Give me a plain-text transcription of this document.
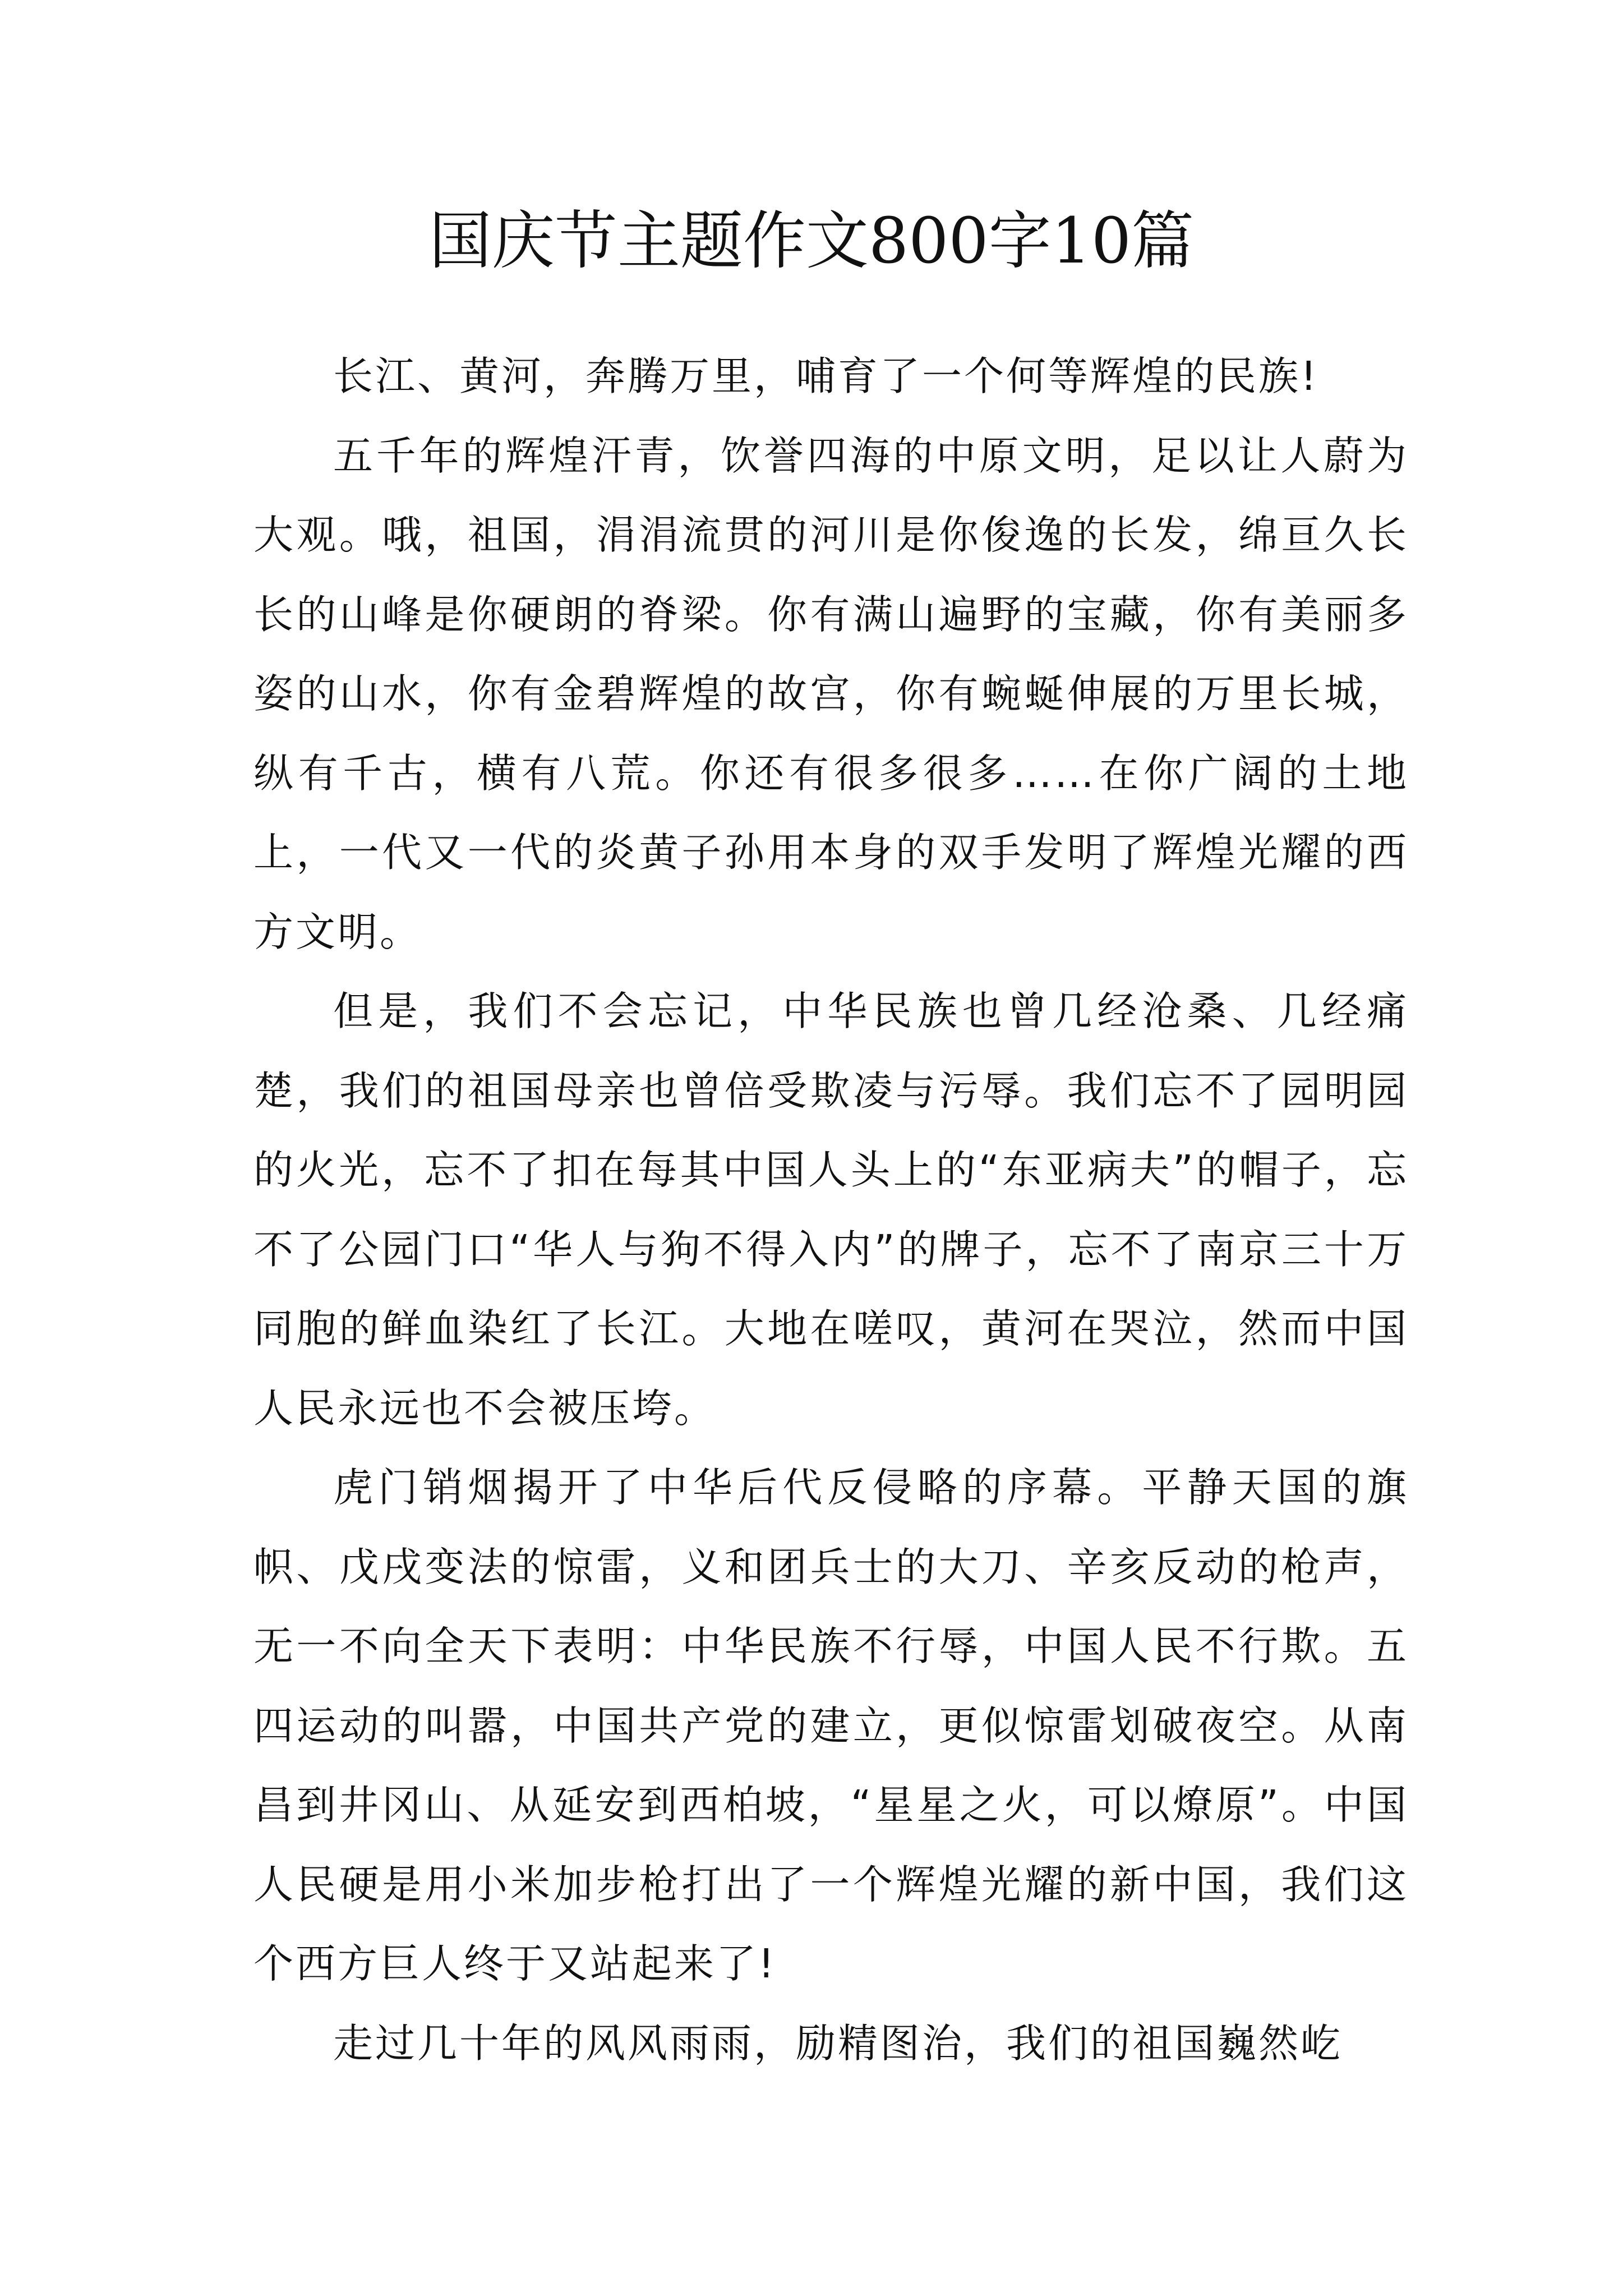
国庆节主题作文800字10篇

长江、黄河，奔腾万里，哺育了一个何等辉煌的民族!

五千年的辉煌汗青，饮誉四海的中原文明，足以让人蔚为大观。哦，祖国，涓涓流贯的河川是你俊逸的长发，绵亘久长长的山峰是你硬朗的脊梁。你有满山遍野的宝藏，你有美丽多姿的山水，你有金碧辉煌的故宫，你有蜿蜒伸展的万里长城，纵有千古，横有八荒。你还有很多很多……在你广阔的土地上，一代又一代的炎黄子孙用本身的双手发明了辉煌光耀的西方文明。

但是，我们不会忘记，中华民族也曾几经沧桑、几经痛楚，我们的祖国母亲也曾倍受欺凌与污辱。我们忘不了园明园的火光，忘不了扣在每其中国人头上的“东亚病夫”的帽子，忘不了公园门口“华人与狗不得入内”的牌子，忘不了南京三十万同胞的鲜血染红了长江。大地在嗟叹，黄河在哭泣，然而中国人民永远也不会被压垮。

虎门销烟揭开了中华后代反侵略的序幕。平静天国的旗帜、戊戌变法的惊雷，义和团兵士的大刀、辛亥反动的枪声，无一不向全天下表明：中华民族不行辱，中国人民不行欺。五四运动的叫嚣，中国共产党的建立，更似惊雷划破夜空。从南昌到井冈山、从延安到西柏坡，“星星之火，可以燎原”。中国人民硬是用小米加步枪打出了一个辉煌光耀的新中国，我们这个西方巨人终于又站起来了!

走过几十年的风风雨雨，励精图治，我们的祖国巍然屹
